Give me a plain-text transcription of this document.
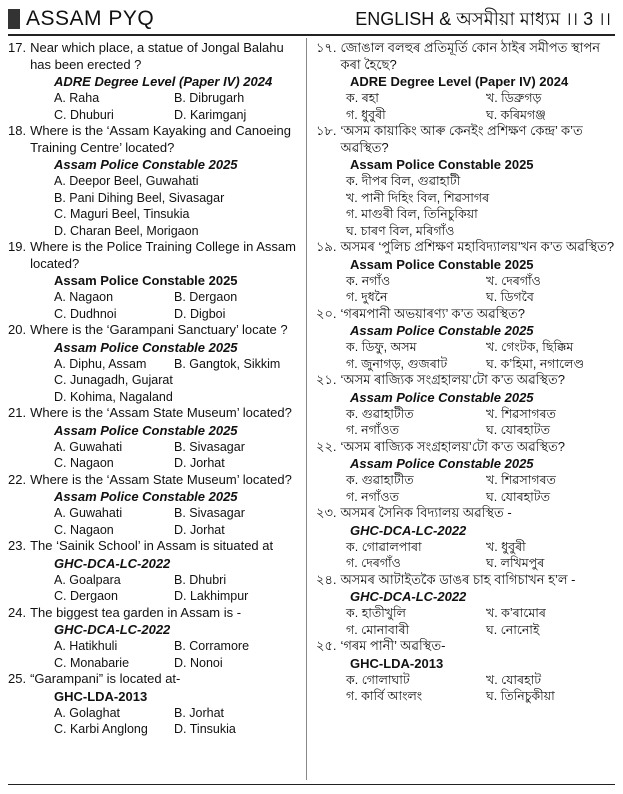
ASSAM PYQ	ENGLISH & অসমীয়া মাধ্যম ।। 3 ।।
17. Near which place, a statue of Jongal Balahu has been erected ?
ADRE Degree Level (Paper IV) 2024
A. Raha	B. Dibrugarh
C. Dhuburi	D. Karimganj
18. Where is the ‘Assam Kayaking and Canoeing Training Centre’ located?
Assam Police Constable 2025
A. Deepor Beel, Guwahati
B. Pani Dihing Beel, Sivasagar
C. Maguri Beel, Tinsukia
D. Charan Beel, Morigaon
19. Where is the Police Training College in Assam located?
Assam Police Constable 2025
A. Nagaon	B. Dergaon
C. Dudhnoi	D. Digboi
20. Where is the ‘Garampani Sanctuary’ locate ?
Assam Police Constable 2025
A. Diphu, Assam	B. Gangtok, Sikkim
C. Junagadh, Gujarat
D. Kohima, Nagaland
21. Where is the ‘Assam State Museum’ located?
Assam Police Constable 2025
A. Guwahati	B. Sivasagar
C. Nagaon	D. Jorhat
22. Where is the ‘Assam State Museum’ located?
Assam Police Constable 2025
A. Guwahati	B. Sivasagar
C. Nagaon	D. Jorhat
23. The ‘Sainik School’ in Assam is situated at
GHC-DCA-LC-2022
A. Goalpara	B. Dhubri
C. Dergaon	D. Lakhimpur
24. The biggest tea garden in Assam is -
GHC-DCA-LC-2022
A. Hatikhuli	B. Corramore
C. Monabarie	D. Nonoi
25. “Garampani” is located at-
GHC-LDA-2013
A. Golaghat	B. Jorhat
C. Karbi Anglong	D. Tinsukia
১৭. জোঙাল বলহুৰ প্ৰতিমূৰ্তি কোন ঠাইৰ সমীপত স্থাপন কৰা হৈছে?
ADRE Degree Level (Paper IV) 2024
ক. ৰহা	খ. ডিব্ৰুগড়
গ. ধুবুৰী	ঘ. কৰিমগঞ্জ
১৮. ‘অসম কায়াকিং আৰু কেনইং প্ৰশিক্ষণ কেন্দ্ৰ’ ক’ত অৱস্থিত?
Assam Police Constable 2025
ক. দীপৰ বিল, গুৱাহাটী
খ. পানী দিহিং বিল, শিৱসাগৰ
গ. মাগুৰী বিল, তিনিচুকিয়া
ঘ. চাৰণ বিল, মৰিগাঁও
১৯. অসমৰ ‘পুলিচ প্ৰশিক্ষণ মহাবিদ্যালয়’খন ক’ত অৱস্থিত?
Assam Police Constable 2025
ক. নগাঁও	খ. দেৰগাঁও
গ. দুধনৈ	ঘ. ডিগবৈ
২০. ‘গৰমপানী অভয়াৰণ্য’ ক’ত অৱস্থিত?
Assam Police Constable 2025
ক. ডিফু, অসম	খ. গেংটক, ছিক্কিম
গ. জুনাগড়, গুজৰাট	ঘ. ক’হিমা, নগালেণ্ড
২১. ‘অসম ৰাজ্যিক সংগ্ৰহালয়’টো ক’ত অৱস্থিত?
Assam Police Constable 2025
ক. গুৱাহাটীত	খ. শিৱসাগৰত
গ. নগাঁওত	ঘ. যোৰহাটত
২২. ‘অসম ৰাজ্যিক সংগ্ৰহালয়’টো ক’ত অৱস্থিত?
Assam Police Constable 2025
ক. গুৱাহাটীত	খ. শিৱসাগৰত
গ. নগাঁওত	ঘ. যোৰহাটত
২৩. অসমৰ সৈনিক বিদ্যালয় অৱস্থিত -
GHC-DCA-LC-2022
ক. গোৱালপাৰা	খ. ধুবুৰী
গ. দেৰগাঁও	ঘ. লখিমপুৰ
২৪. অসমৰ আটাইতকৈ ডাঙৰ চাহ বাগিচাখন হ’ল -
GHC-DCA-LC-2022
ক. হাতীখুলি	খ. ক’ৰামোৰ
গ. মোনাবাৰী	ঘ. নোনোই
২৫. ‘গৰম পানী’ অৱস্থিত-
GHC-LDA-2013
ক. গোলাঘাট	খ. যোৰহাট
গ. কাৰ্বি আংলং	ঘ. তিনিচুকীয়া
